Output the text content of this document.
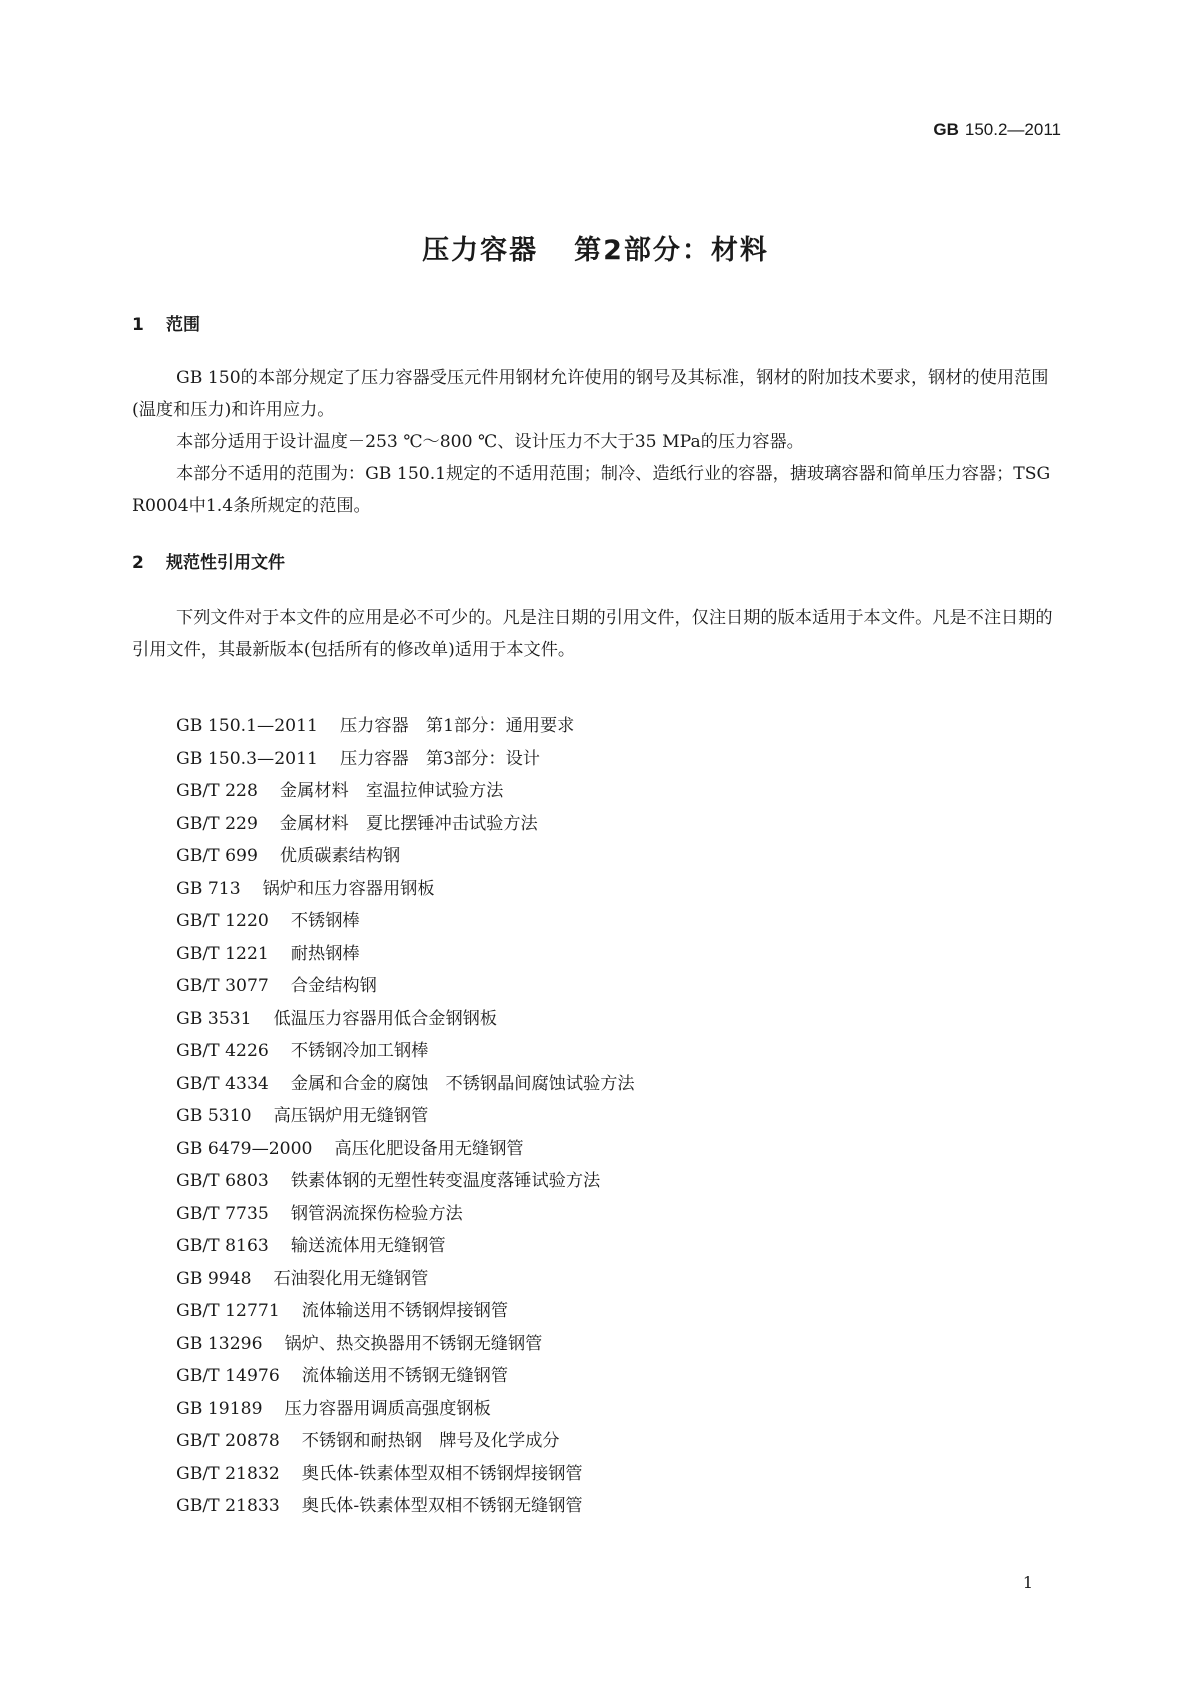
GB 150.2—2011
压力容器 第2部分：材料
1 范围

GB 150的本部分规定了压力容器受压元件用钢材允许使用的钢号及其标准，钢材的附加技术要求，钢材的使用范围(温度和压力)和许用应力。

本部分适用于设计温度－253 ℃～800 ℃、设计压力不大于35 MPa的压力容器。

本部分不适用的范围为：GB 150.1规定的不适用范围；制冷、造纸行业的容器，搪玻璃容器和简单压力容器；TSG R0004中1.4条所规定的范围。

2 规范性引用文件

下列文件对于本文件的应用是必不可少的。凡是注日期的引用文件，仅注日期的版本适用于本文件。凡是不注日期的引用文件，其最新版本(包括所有的修改单)适用于本文件。

GB 150.1—2011 压力容器　第1部分：通用要求
GB 150.3—2011 压力容器　第3部分：设计
GB/T 228 金属材料　室温拉伸试验方法
GB/T 229 金属材料　夏比摆锤冲击试验方法
GB/T 699 优质碳素结构钢
GB 713 锅炉和压力容器用钢板
GB/T 1220 不锈钢棒
GB/T 1221 耐热钢棒
GB/T 3077 合金结构钢
GB 3531 低温压力容器用低合金钢钢板
GB/T 4226 不锈钢冷加工钢棒
GB/T 4334 金属和合金的腐蚀　不锈钢晶间腐蚀试验方法
GB 5310 高压锅炉用无缝钢管
GB 6479—2000 高压化肥设备用无缝钢管
GB/T 6803 铁素体钢的无塑性转变温度落锤试验方法
GB/T 7735 钢管涡流探伤检验方法
GB/T 8163 输送流体用无缝钢管
GB 9948 石油裂化用无缝钢管
GB/T 12771 流体输送用不锈钢焊接钢管
GB 13296 锅炉、热交换器用不锈钢无缝钢管
GB/T 14976 流体输送用不锈钢无缝钢管
GB 19189 压力容器用调质高强度钢板
GB/T 20878 不锈钢和耐热钢　牌号及化学成分
GB/T 21832 奥氏体-铁素体型双相不锈钢焊接钢管
GB/T 21833 奥氏体-铁素体型双相不锈钢无缝钢管
1
